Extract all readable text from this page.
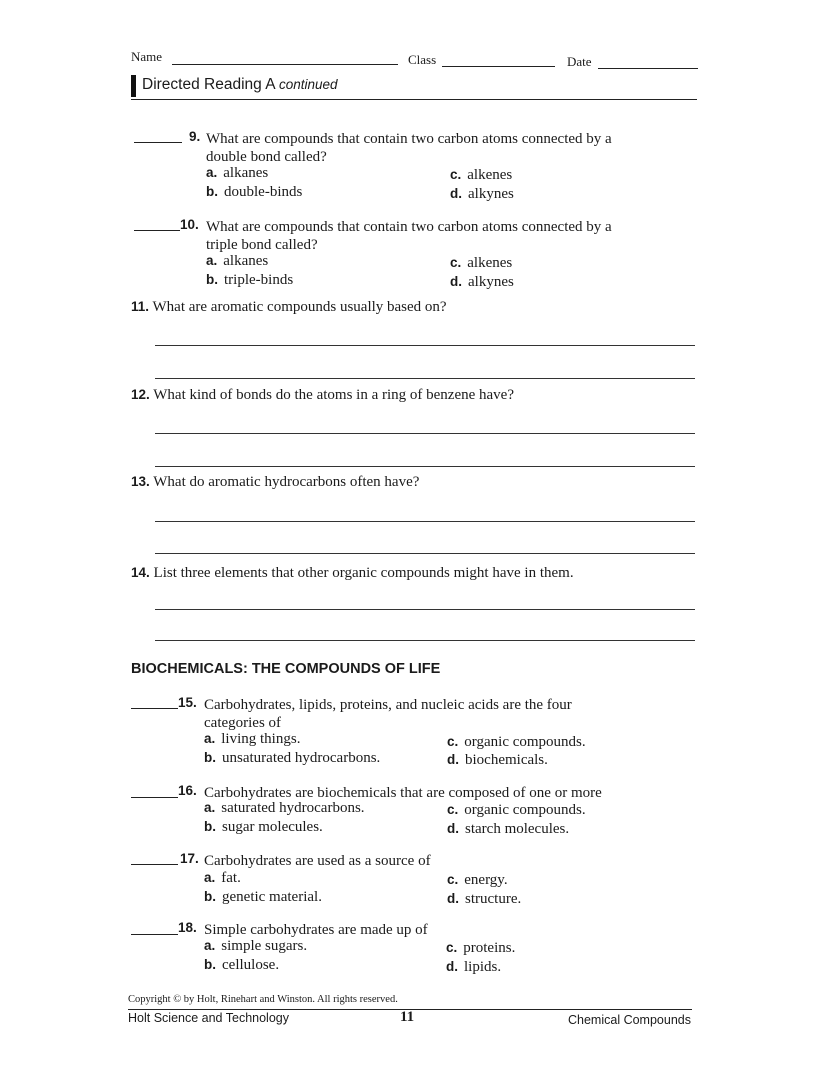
Name	Class	Date
Directed Reading A continued
9. What are compounds that contain two carbon atoms connected by a
double bond called?
a. alkanes
b. double-binds
c. alkenes
d. alkynes
10. What are compounds that contain two carbon atoms connected by a
triple bond called?
a. alkanes
b. triple-binds
c. alkenes
d. alkynes
11. What are aromatic compounds usually based on?
12. What kind of bonds do the atoms in a ring of benzene have?
13. What do aromatic hydrocarbons often have?
14. List three elements that other organic compounds might have in them.
BIOCHEMICALS: THE COMPOUNDS OF LIFE
15. Carbohydrates, lipids, proteins, and nucleic acids are the four
categories of
a. living things.
b. unsaturated hydrocarbons.
c. organic compounds.
d. biochemicals.
16. Carbohydrates are biochemicals that are composed of one or more
a. saturated hydrocarbons.
b. sugar molecules.
c. organic compounds.
d. starch molecules.
17. Carbohydrates are used as a source of
a. fat.
b. genetic material.
c. energy.
d. structure.
18. Simple carbohydrates are made up of
a. simple sugars.
b. cellulose.
c. proteins.
d. lipids.
Copyright © by Holt, Rinehart and Winston. All rights reserved.
Holt Science and Technology	11	Chemical Compounds
